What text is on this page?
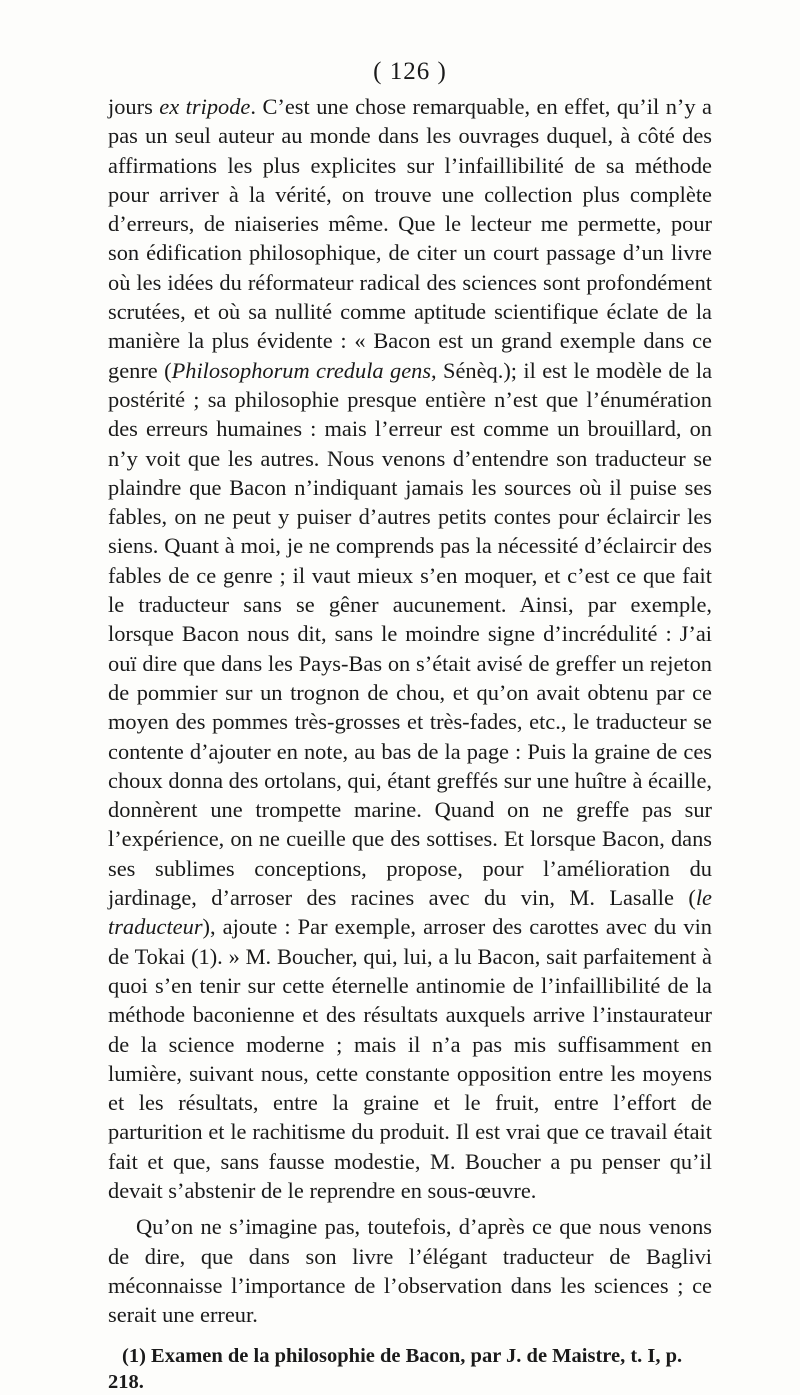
( 126 )

jours ex tripode. C’est une chose remarquable, en effet, qu’il n’y a pas un seul auteur au monde dans les ouvrages duquel, à côté des affirmations les plus explicites sur l’infaillibilité de sa méthode pour arriver à la vérité, on trouve une collection plus complète d’erreurs, de niaiseries même. Que le lecteur me permette, pour son édification philosophique, de citer un court passage d’un livre où les idées du réformateur radical des sciences sont profondément scrutées, et où sa nullité comme aptitude scientifique éclate de la manière la plus évidente : « Bacon est un grand exemple dans ce genre (Philosophorum credula gens, Sénèq.); il est le modèle de la postérité ; sa philosophie presque entière n’est que l’énumération des erreurs humaines : mais l’erreur est comme un brouillard, on n’y voit que les autres. Nous venons d’entendre son traducteur se plaindre que Bacon n’indiquant jamais les sources où il puise ses fables, on ne peut y puiser d’autres petits contes pour éclaircir les siens. Quant à moi, je ne comprends pas la nécessité d’éclaircir des fables de ce genre ; il vaut mieux s’en moquer, et c’est ce que fait le traducteur sans se gêner aucunement. Ainsi, par exemple, lorsque Bacon nous dit, sans le moindre signe d’incrédulité : J’ai ouï dire que dans les Pays-Bas on s’était avisé de greffer un rejeton de pommier sur un trognon de chou, et qu’on avait obtenu par ce moyen des pommes très-grosses et très-fades, etc., le traducteur se contente d’ajouter en note, au bas de la page : Puis la graine de ces choux donna des ortolans, qui, étant greffés sur une huître à écaille, donnèrent une trompette marine. Quand on ne greffe pas sur l’expérience, on ne cueille que des sottises. Et lorsque Bacon, dans ses sublimes conceptions, propose, pour l’amélioration du jardinage, d’arroser des racines avec du vin, M. Lasalle (le traducteur), ajoute : Par exemple, arroser des carottes avec du vin de Tokai (1). » M. Boucher, qui, lui, a lu Bacon, sait parfaitement à quoi s’en tenir sur cette éternelle antinomie de l’infaillibilité de la méthode baconienne et des résultats auxquels arrive l’instaurateur de la science moderne ; mais il n’a pas mis suffisamment en lumière, suivant nous, cette constante opposition entre les moyens et les résultats, entre la graine et le fruit, entre l’effort de parturition et le rachitisme du produit. Il est vrai que ce travail était fait et que, sans fausse modestie, M. Boucher a pu penser qu’il devait s’abstenir de le reprendre en sous-œuvre.

Qu’on ne s’imagine pas, toutefois, d’après ce que nous venons de dire, que dans son livre l’élégant traducteur de Baglivi méconnaisse l’importance de l’observation dans les sciences ; ce serait une erreur.

(1) Examen de la philosophie de Bacon, par J. de Maistre, t. I, p. 218.
